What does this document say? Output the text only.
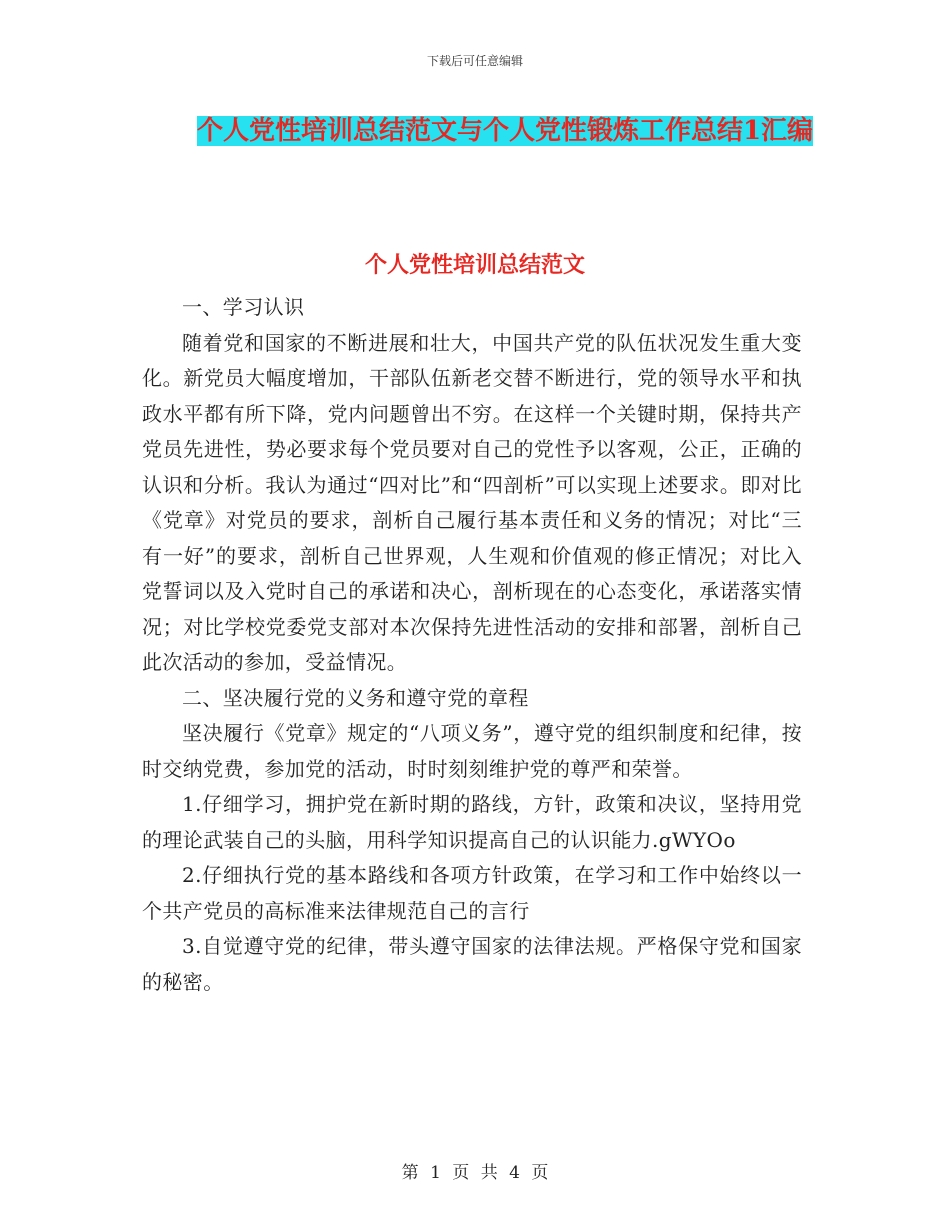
下载后可任意编辑
个人党性培训总结范文与个人党性锻炼工作总结1汇编
个人党性培训总结范文

一、学习认识

随着党和国家的不断进展和壮大，中国共产党的队伍状况发生重大变化。新党员大幅度增加，干部队伍新老交替不断进行，党的领导水平和执政水平都有所下降，党内问题曾出不穷。在这样一个关键时期，保持共产党员先进性，势必要求每个党员要对自己的党性予以客观，公正，正确的认识和分析。我认为通过“四对比”和“四剖析”可以实现上述要求。即对比《党章》对党员的要求，剖析自己履行基本责任和义务的情况；对比“三有一好”的要求，剖析自己世界观，人生观和价值观的修正情况；对比入党誓词以及入党时自己的承诺和决心，剖析现在的心态变化，承诺落实情况；对比学校党委党支部对本次保持先进性活动的安排和部署，剖析自己此次活动的参加，受益情况。

二、坚决履行党的义务和遵守党的章程

坚决履行《党章》规定的“八项义务”，遵守党的组织制度和纪律，按时交纳党费，参加党的活动，时时刻刻维护党的尊严和荣誉。

1.仔细学习，拥护党在新时期的路线，方针，政策和决议，坚持用党的理论武装自己的头脑，用科学知识提高自己的认识能力.gWYOo

2.仔细执行党的基本路线和各项方针政策，在学习和工作中始终以一个共产党员的高标准来法律规范自己的言行

3.自觉遵守党的纪律，带头遵守国家的法律法规。严格保守党和国家的秘密。

第 1 页 共 4 页
